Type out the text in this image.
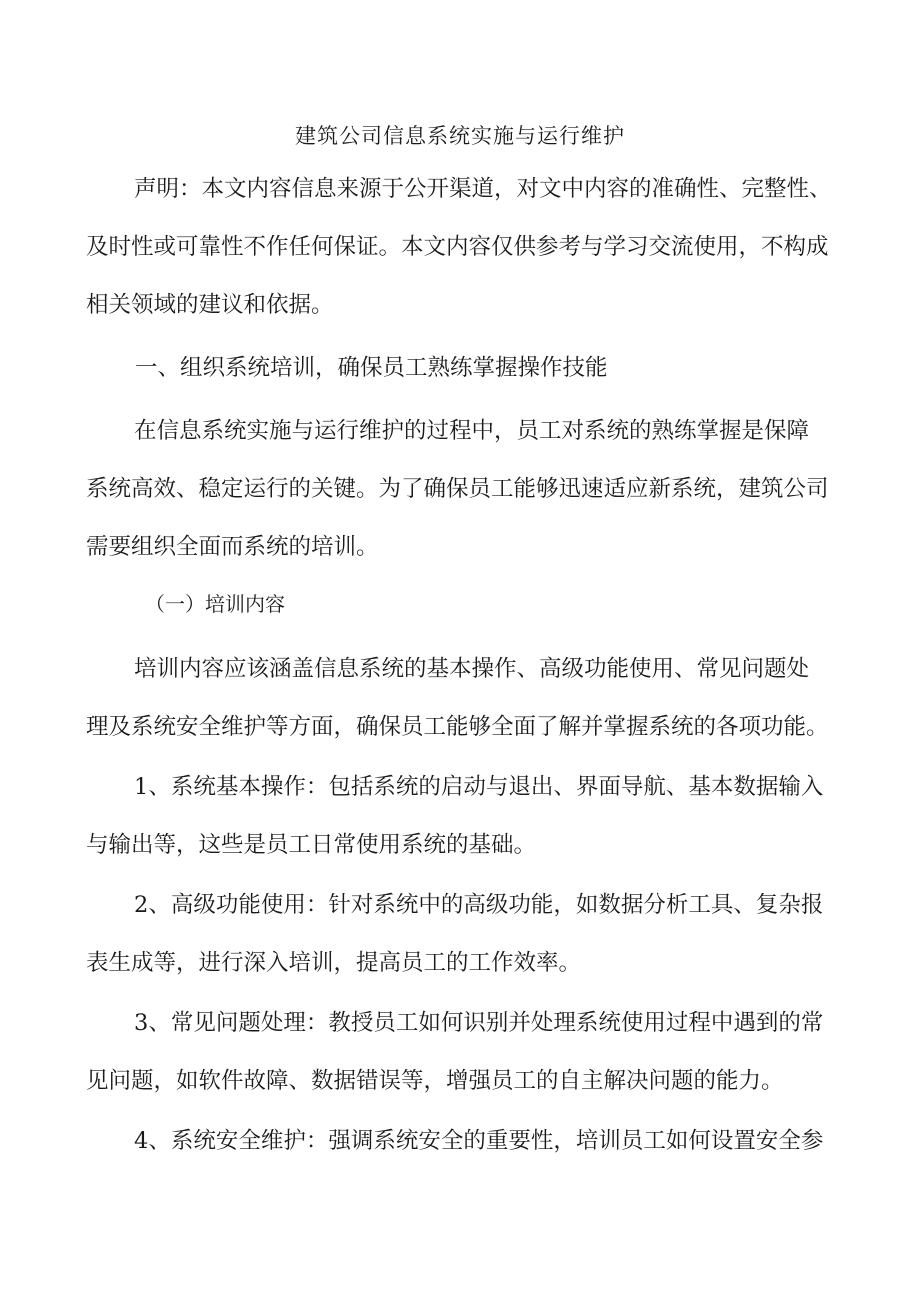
建筑公司信息系统实施与运行维护
声明：本文内容信息来源于公开渠道，对文中内容的准确性、完整性、
及时性或可靠性不作任何保证。本文内容仅供参考与学习交流使用，不构成
相关领域的建议和依据。
一、组织系统培训，确保员工熟练掌握操作技能
在信息系统实施与运行维护的过程中，员工对系统的熟练掌握是保障
系统高效、稳定运行的关键。为了确保员工能够迅速适应新系统，建筑公司
需要组织全面而系统的培训。
（一）培训内容
培训内容应该涵盖信息系统的基本操作、高级功能使用、常见问题处
理及系统安全维护等方面，确保员工能够全面了解并掌握系统的各项功能。
1、系统基本操作：包括系统的启动与退出、界面导航、基本数据输入
与输出等，这些是员工日常使用系统的基础。
2、高级功能使用：针对系统中的高级功能，如数据分析工具、复杂报
表生成等，进行深入培训，提高员工的工作效率。
3、常见问题处理：教授员工如何识别并处理系统使用过程中遇到的常
见问题，如软件故障、数据错误等，增强员工的自主解决问题的能力。
4、系统安全维护：强调系统安全的重要性，培训员工如何设置安全参
